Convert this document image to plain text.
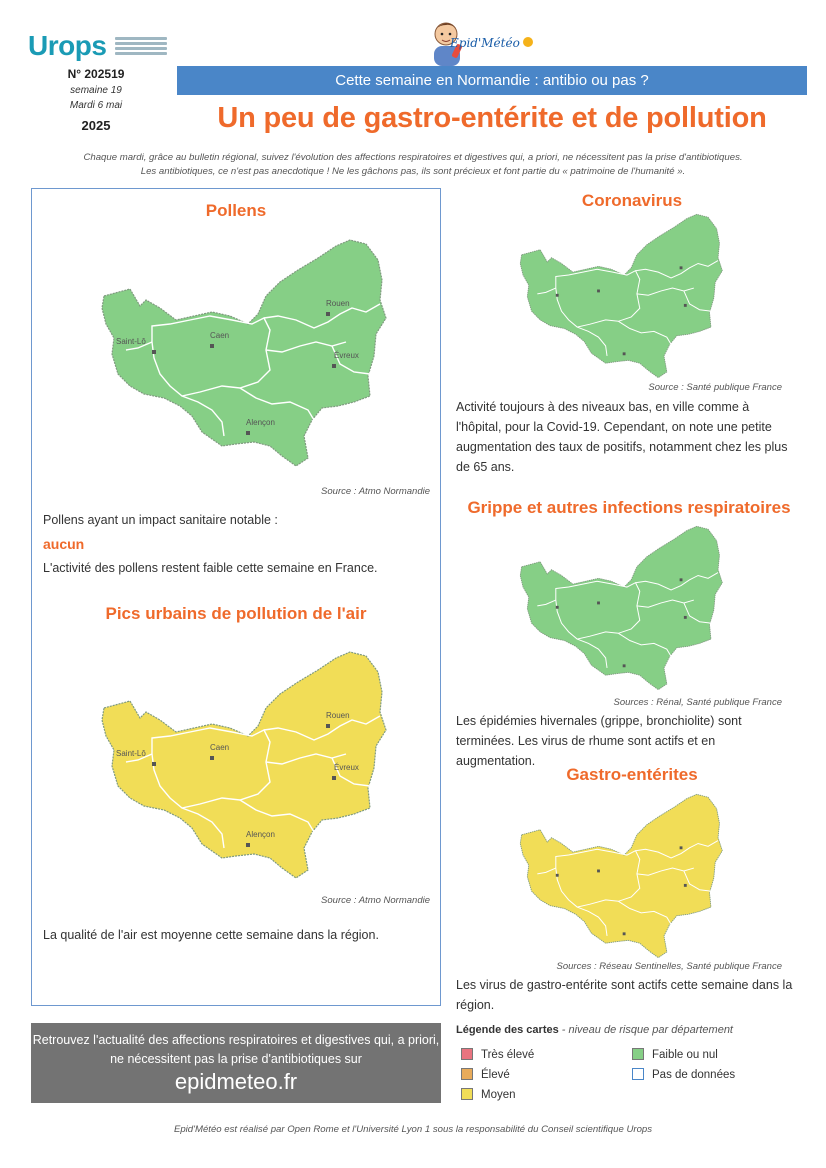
Urops	Epid'Météo
N° 202519
semaine 19
Mardi 6 mai
2025
Cette semaine en Normandie : antibio ou pas ?
Un peu de gastro-entérite et de pollution
Chaque mardi, grâce au bulletin régional, suivez l'évolution des affections respiratoires et digestives qui, a priori, ne nécessitent pas la prise d'antibiotiques.
Les antibiotiques, ce n'est pas anecdotique ! Ne les gâchons pas, ils sont précieux et font partie du « patrimoine de l'humanité ».
Pollens
Rouen
Caen
Saint-Lô
Évreux
Alençon
Source : Atmo Normandie
Pollens ayant un impact sanitaire notable :
aucun
L'activité des pollens restent faible cette semaine en France.
Pics urbains de pollution de l'air
Rouen
Caen
Saint-Lô
Évreux
Alençon
Source : Atmo Normandie
La qualité de l'air est moyenne cette semaine dans la région.
Coronavirus
Source : Santé publique France
Activité toujours à des niveaux bas, en ville comme à l'hôpital, pour la Covid-19. Cependant, on note une petite augmentation des taux de positifs, notamment chez les plus de 65 ans.
Grippe et autres infections respiratoires
Sources : Rénal, Santé publique France
Les épidémies hivernales (grippe, bronchiolite) sont terminées. Les virus de rhume sont actifs et en augmentation.
Gastro-entérites
Sources : Réseau Sentinelles, Santé publique France
Les virus de gastro-entérite sont actifs cette semaine dans la région.
Légende des cartes - niveau de risque par département
Très élevé
Élevé
Moyen
Faible ou nul
Pas de données
Retrouvez l'actualité des affections respiratoires et digestives qui, a priori, ne nécessitent pas la prise d'antibiotiques sur
epidmeteo.fr
Epid'Météo est réalisé par Open Rome et l'Université Lyon 1 sous la responsabilité du Conseil scientifique Urops
